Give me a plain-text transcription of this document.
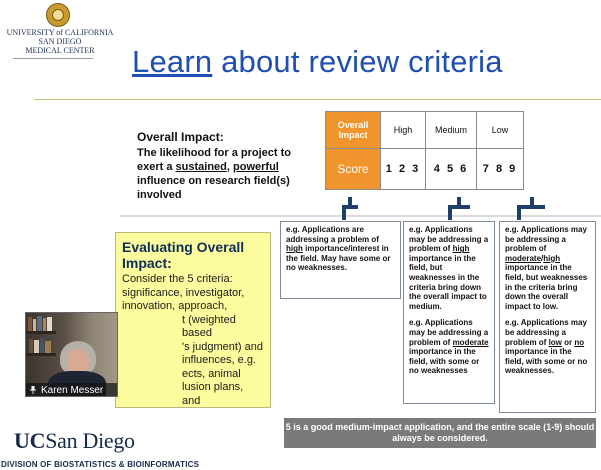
UNIVERSITY of CALIFORNIA
SAN DIEGO
MEDICAL CENTER	Learn about review criteria
Overall Impact:
The likelihood for a project to exert a sustained, powerful influence on research field(s) involved
Overall Impact	High	Medium	Low
Score	1 2 3	4 5 6	7 8 9

e.g. Applications are addressing a problem of high importance/interest in the field. May have some or no weaknesses.

e.g. Applications may be addressing a problem of high importance in the field, but weaknesses in the criteria bring down the overall impact to medium.

e.g. Applications may be addressing a problem of moderate importance in the field, with some or no weaknesses

e.g. Applications may be addressing a problem of moderate/high importance in the field, but weaknesses in the criteria bring down the overall impact to low.

e.g. Applications may be addressing a problem of low or no importance in the field, with some or no weaknesses.

Evaluating Overall Impact:
Consider the 5 criteria:
significance, investigator,
innovation, approach,
t (weighted based
's judgment) and
influences, e.g.
ects, animal
lusion plans, and
Karen Messer
5 is a good medium-impact application, and the entire scale (1-9) should always be considered.
UCSan Diego
DIVISION OF BIOSTATISTICS & BIOINFORMATICS
